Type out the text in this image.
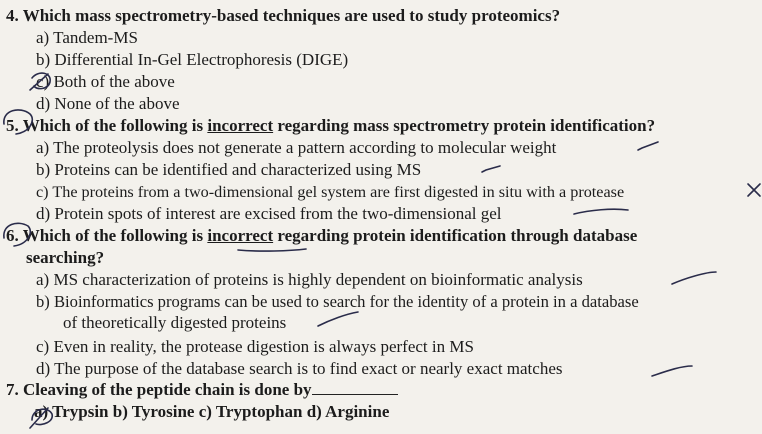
4. Which mass spectrometry-based techniques are used to study proteomics?
a) Tandem-MS
b) Differential In-Gel Electrophoresis (DIGE)
c) Both of the above
d) None of the above
5. Which of the following is incorrect regarding mass spectrometry protein identification?
a) The proteolysis does not generate a pattern according to molecular weight
b) Proteins can be identified and characterized using MS
c) The proteins from a two-dimensional gel system are first digested in situ with a protease
d) Protein spots of interest are excised from the two-dimensional gel
6. Which of the following is incorrect regarding protein identification through database
searching?
a) MS characterization of proteins is highly dependent on bioinformatic analysis
b) Bioinformatics programs can be used to search for the identity of a protein in a database
of theoretically digested proteins
c) Even in reality, the protease digestion is always perfect in MS
d) The purpose of the database search is to find exact or nearly exact matches
7. Cleaving of the peptide chain is done by
a) Trypsin b) Tyrosine c) Tryptophan d) Arginine
